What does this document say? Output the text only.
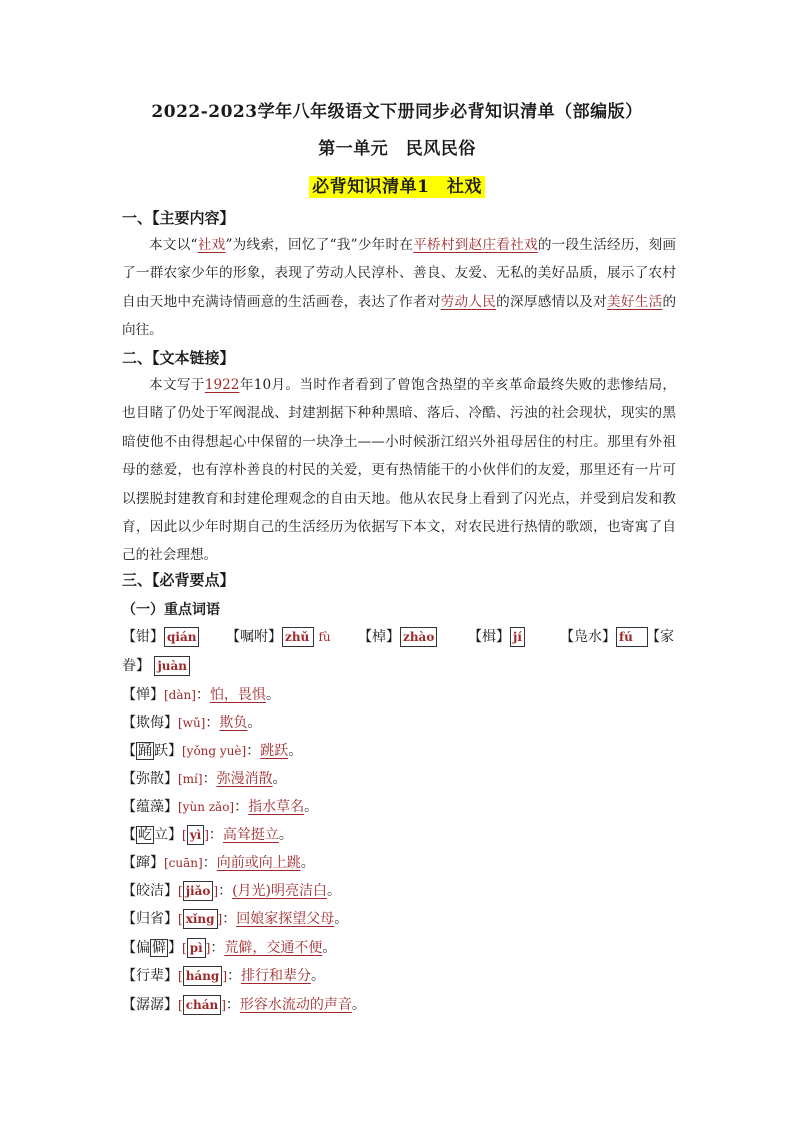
2022-2023学年八年级语文下册同步必背知识清单（部编版）
第一单元　民风民俗
必背知识清单1　社戏
一、【主要内容】
本文以“社戏”为线索，回忆了“我”少年时在平桥村到赵庄看社戏的一段生活经历，刻画了一群农家少年的形象，表现了劳动人民淳朴、善良、友爱、无私的美好品质，展示了农村自由天地中充满诗情画意的生活画卷，表达了作者对劳动人民的深厚感情以及对美好生活的向往。
二、【文本链接】
本文写于1922年10月。当时作者看到了曾饱含热望的辛亥革命最终失败的悲惨结局，也目睹了仍处于军阀混战、封建割据下种种黑暗、落后、冷酷、污浊的社会现状，现实的黑暗使他不由得想起心中保留的一块净土——小时候浙江绍兴外祖母居住的村庄。那里有外祖母的慈爱，也有淳朴善良的村民的关爱，更有热情能干的小伙伴们的友爱，那里还有一片可以摆脱封建教育和封建伦理观念的自由天地。他从农民身上看到了闪光点，并受到启发和教育，因此以少年时期自己的生活经历为依据写下本文，对农民进行热情的歌颂，也寄寓了自己的社会理想。
三、【必背要点】
（一）重点词语
【钳】 qián 【嘱咐】 zhǔ fù 【棹】 zhào 【楫】 jí	【凫水】 fú 【家
眷】 juàn
【惮】[dàn]：怕，畏惧。
【欺侮】[wǔ]：欺负。
【 踊 跃】[yǒng yuè]：跳跃。
【弥散】[mí]：弥漫消散。
【蕴藻】[yùn zǎo]：指水草名。
【 屹 立】[ yì ]：高耸挺立。
【蹿】[cuān]：向前或向上跳。
【皎洁】[ jiǎo ]：(月光)明亮洁白。
【归省】[ xǐng ]：回娘家探望父母。
【偏 僻 】[ pì ]：荒僻，交通不便。
【行辈】[ háng ]：排行和辈分。
【潺潺】[ chán ]：形容水流动的声音。
